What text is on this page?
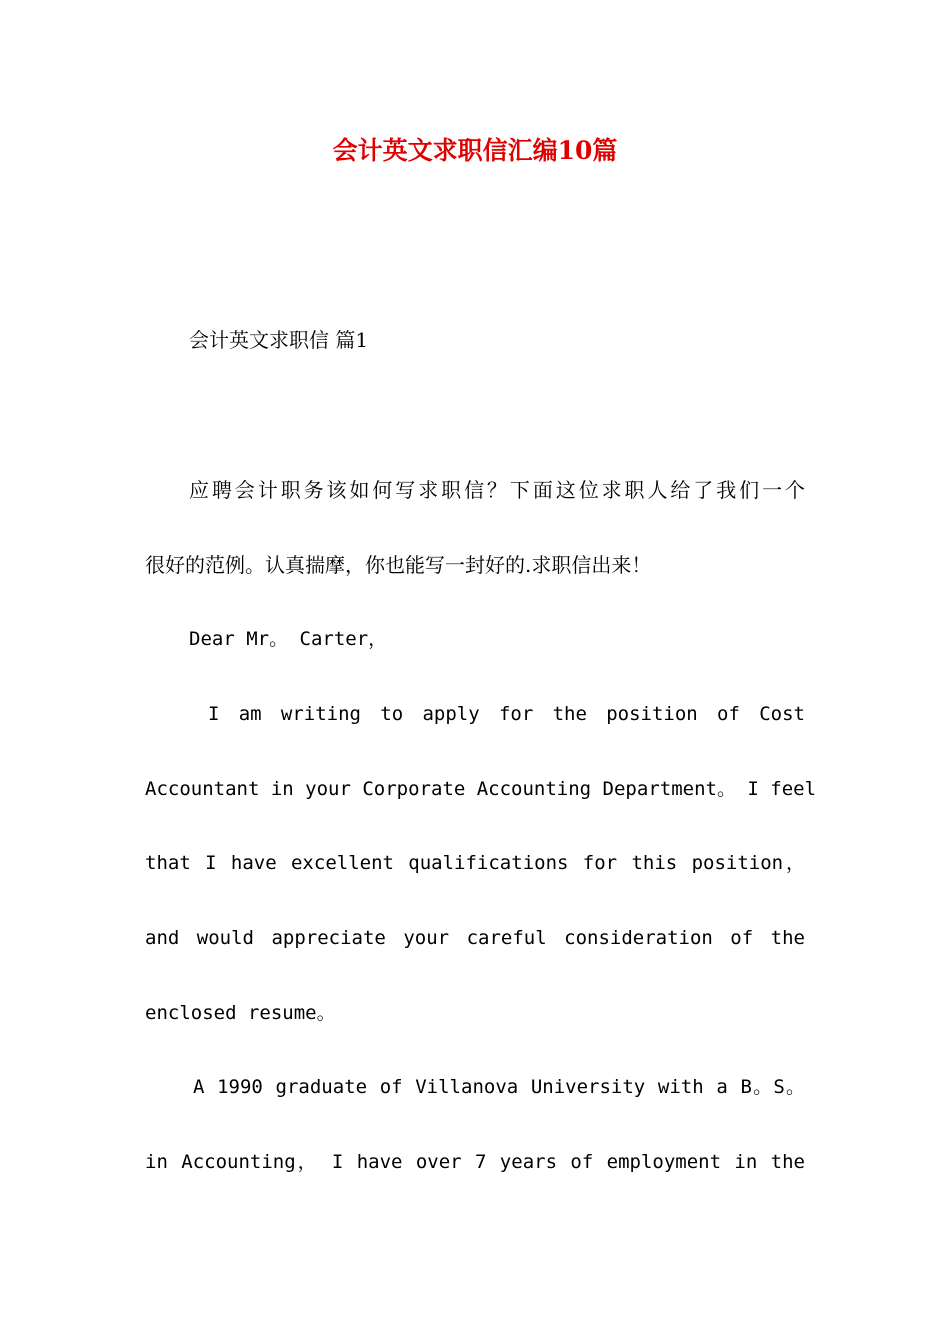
会计英文求职信汇编10篇

会计英文求职信 篇1

应聘会计职务该如何写求职信？下面这位求职人给了我们一个

很好的范例。认真揣摩，你也能写一封好的.求职信出来！

Dear Mr。 Carter，

I am writing to apply for the position of Cost

Accountant in your Corporate Accounting Department。 I feel

that I have excellent qualifications for this position，

and would appreciate your careful consideration of the

enclosed resume。

A 1990 graduate of Villanova University with a B。S。

in Accounting， I have over 7 years of employment in the
